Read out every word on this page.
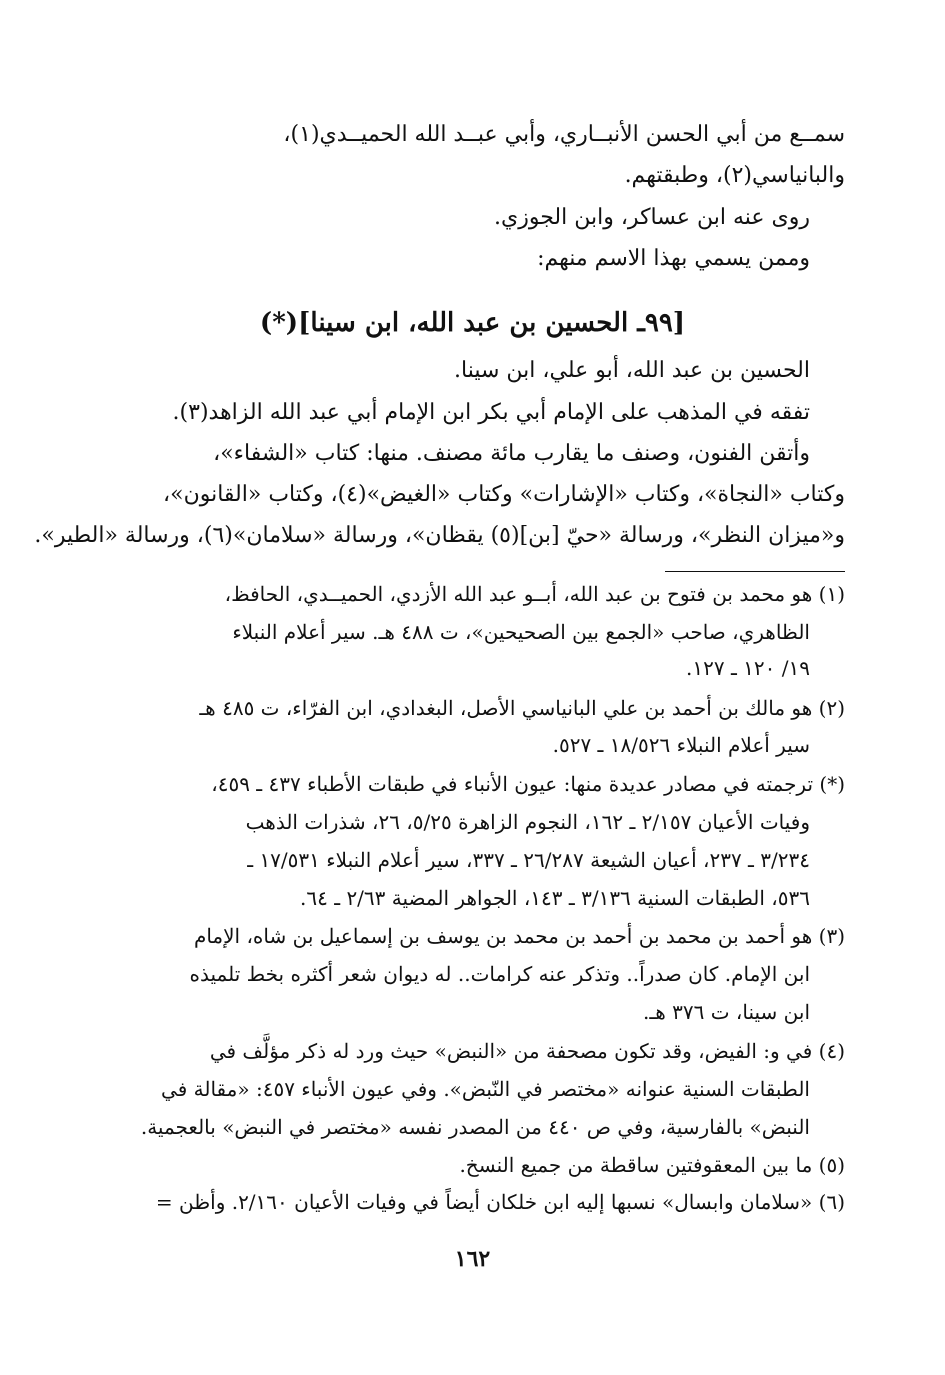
سمــع من أبي الحسن الأنبــاري، وأبي عبــد الله الحميــدي(١)،
والبانياسي(٢)، وطبقتهم.
روى عنه ابن عساكر، وابن الجوزي.
وممن يسمي بهذا الاسم منهم:
[٩٩ـ الحسين بن عبد الله، ابن سينا](*)
الحسين بن عبد الله، أبو علي، ابن سينا.
تفقه في المذهب على الإمام أبي بكر ابن الإمام أبي عبد الله الزاهد(٣).
وأتقن الفنون، وصنف ما يقارب مائة مصنف. منها: كتاب «الشفاء»،
وكتاب «النجاة»، وكتاب «الإشارات» وكتاب «الغيض»(٤)، وكتاب «القانون»،
و«ميزان النظر»، ورسالة «حيّ [بن](٥) يقظان»، ورسالة «سلامان»(٦)، ورسالة «الطير».
(١) هو محمد بن فتوح بن عبد الله، أبــو عبد الله الأزدي، الحميــدي، الحافظ،
الظاهري، صاحب «الجمع بين الصحيحين»، ت ٤٨٨ هـ. سير أعلام النبلاء
١٩/ ١٢٠ ـ ١٢٧.
(٢) هو مالك بن أحمد بن علي البانياسي الأصل، البغدادي، ابن الفرّاء، ت ٤٨٥ هـ
سير أعلام النبلاء ١٨/٥٢٦ ـ ٥٢٧.
(*) ترجمته في مصادر عديدة منها: عيون الأنباء في طبقات الأطباء ٤٣٧ ـ ٤٥٩،
وفيات الأعيان ٢/١٥٧ ـ ١٦٢، النجوم الزاهرة ٥/٢٥، ٢٦، شذرات الذهب
٣/٢٣٤ ـ ٢٣٧، أعيان الشيعة ٢٦/٢٨٧ ـ ٣٣٧، سير أعلام النبلاء ١٧/٥٣١ ـ
٥٣٦، الطبقات السنية ٣/١٣٦ ـ ١٤٣، الجواهر المضية ٢/٦٣ ـ ٦٤.
(٣) هو أحمد بن محمد بن أحمد بن محمد بن يوسف بن إسماعيل بن شاه، الإمام
ابن الإمام. كان صدراً.. وتذكر عنه كرامات.. له ديوان شعر أكثره بخط تلميذه
ابن سينا، ت ٣٧٦ هـ.
(٤) في و: الفيض، وقد تكون مصحفة من «النبض» حيث ورد له ذكر مؤلَّف في
الطبقات السنية عنوانه «مختصر في النّبض». وفي عيون الأنباء ٤٥٧: «مقالة في
النبض» بالفارسية، وفي ص ٤٤٠ من المصدر نفسه «مختصر في النبض» بالعجمية.
(٥) ما بين المعقوفتين ساقطة من جميع النسخ.
(٦) «سلامان وابسال» نسبها إليه ابن خلكان أيضاً في وفيات الأعيان ٢/١٦٠. وأظن =
١٦٢
